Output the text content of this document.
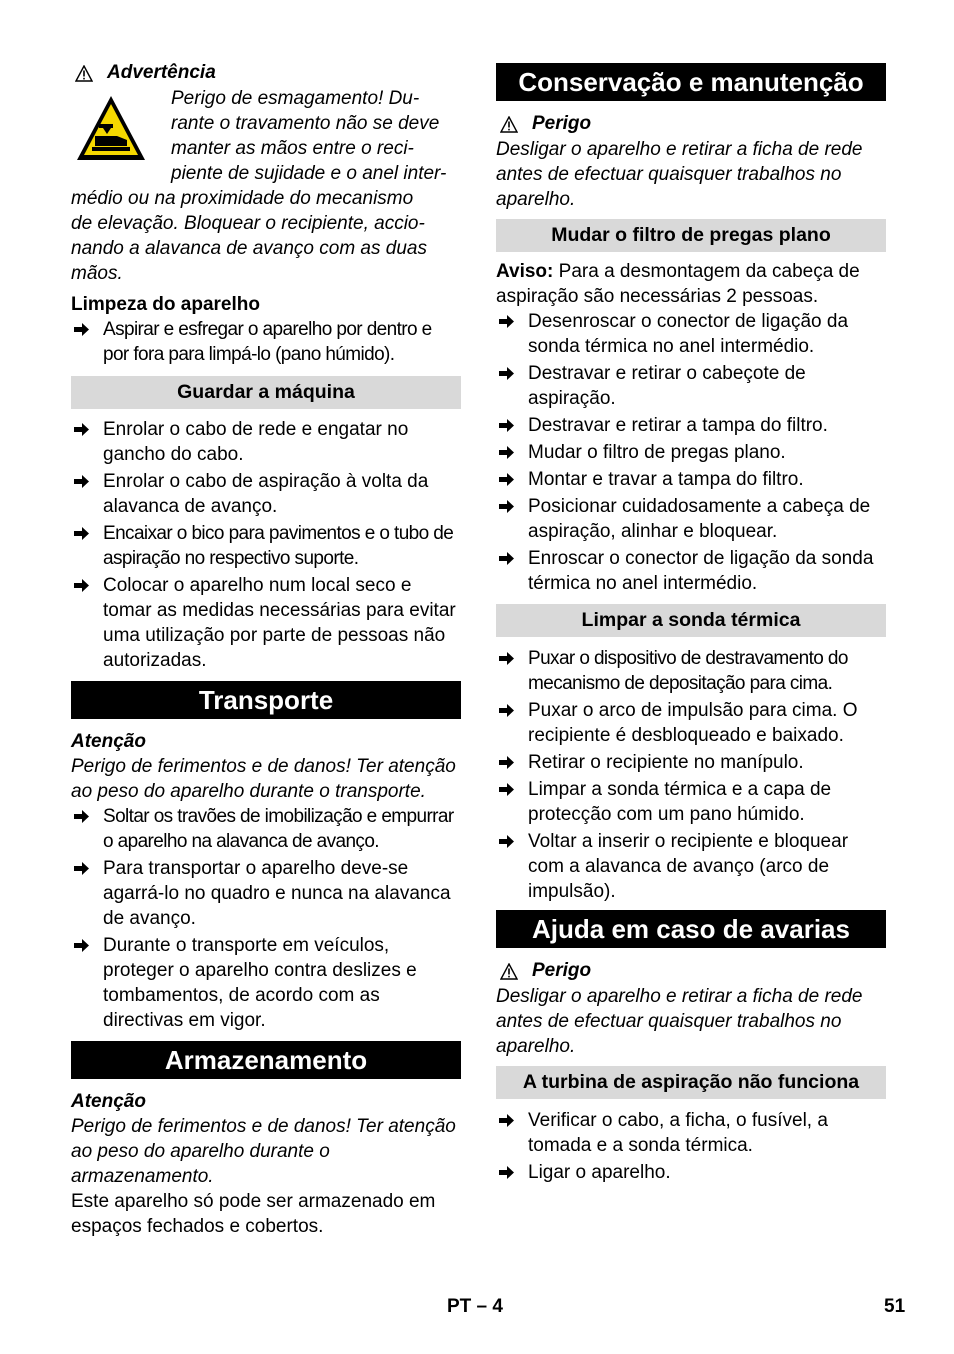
Advertência

Perigo de esmagamento! Du-

rante o travamento não se deve

manter as mãos entre o reci-

piente de sujidade e o anel inter-

médio ou na proximidade do mecanismo

de elevação. Bloquear o recipiente, accio-

nando a alavanca de avanço com as duas

mãos.

Limpeza do aparelho

Aspirar e esfregar o aparelho por dentro e por fora para limpá-lo (pano húmido).
Guardar a máquina
Enrolar o cabo de rede e engatar no gancho do cabo.
Enrolar o cabo de aspiração à volta da alavanca de avanço.
Encaixar o bico para pavimentos e o tubo de aspiração no respectivo suporte.
Colocar o aparelho num local seco e tomar as medidas necessárias para evitar uma utilização por parte de pessoas não autorizadas.
Transporte

Atenção

Perigo de ferimentos e de danos! Ter atenção ao peso do aparelho durante o transporte.

Soltar os travões de imobilização e empurrar o aparelho na alavanca de avanço.
Para transportar o aparelho deve-se agarrá-lo no quadro e nunca na alavanca de avanço.
Durante o transporte em veículos, proteger o aparelho contra deslizes e tombamentos, de acordo com as directivas em vigor.
Armazenamento

Atenção

Perigo de ferimentos e de danos! Ter atenção ao peso do aparelho durante o armazenamento.

Este aparelho só pode ser armazenado em espaços fechados e cobertos.

Conservação e manutenção
Perigo

Desligar o aparelho e retirar a ficha de rede antes de efectuar quaisquer trabalhos no aparelho.

Mudar o filtro de pregas plano

Aviso: Para a desmontagem da cabeça de aspiração são necessárias 2 pessoas.

Desenroscar o conector de ligação da sonda térmica no anel intermédio.
Destravar e retirar o cabeçote de aspiração.
Destravar e retirar a tampa do filtro.
Mudar o filtro de pregas plano.
Montar e travar a tampa do filtro.
Posicionar cuidadosamente a cabeça de aspiração, alinhar e bloquear.
Enroscar o conector de ligação da sonda térmica no anel intermédio.
Limpar a sonda térmica
Puxar o dispositivo de destravamento do mecanismo de depositação para cima.
Puxar o arco de impulsão para cima. O recipiente é desbloqueado e baixado.
Retirar o recipiente no manípulo.
Limpar a sonda térmica e a capa de protecção com um pano húmido.
Voltar a inserir o recipiente e bloquear com a alavanca de avanço (arco de impulsão).
Ajuda em caso de avarias
Perigo

Desligar o aparelho e retirar a ficha de rede antes de efectuar quaisquer trabalhos no aparelho.

A turbina de aspiração não funciona
Verificar o cabo, a ficha, o fusível, a tomada e a sonda térmica.
Ligar o aparelho.
PT – 4	51
